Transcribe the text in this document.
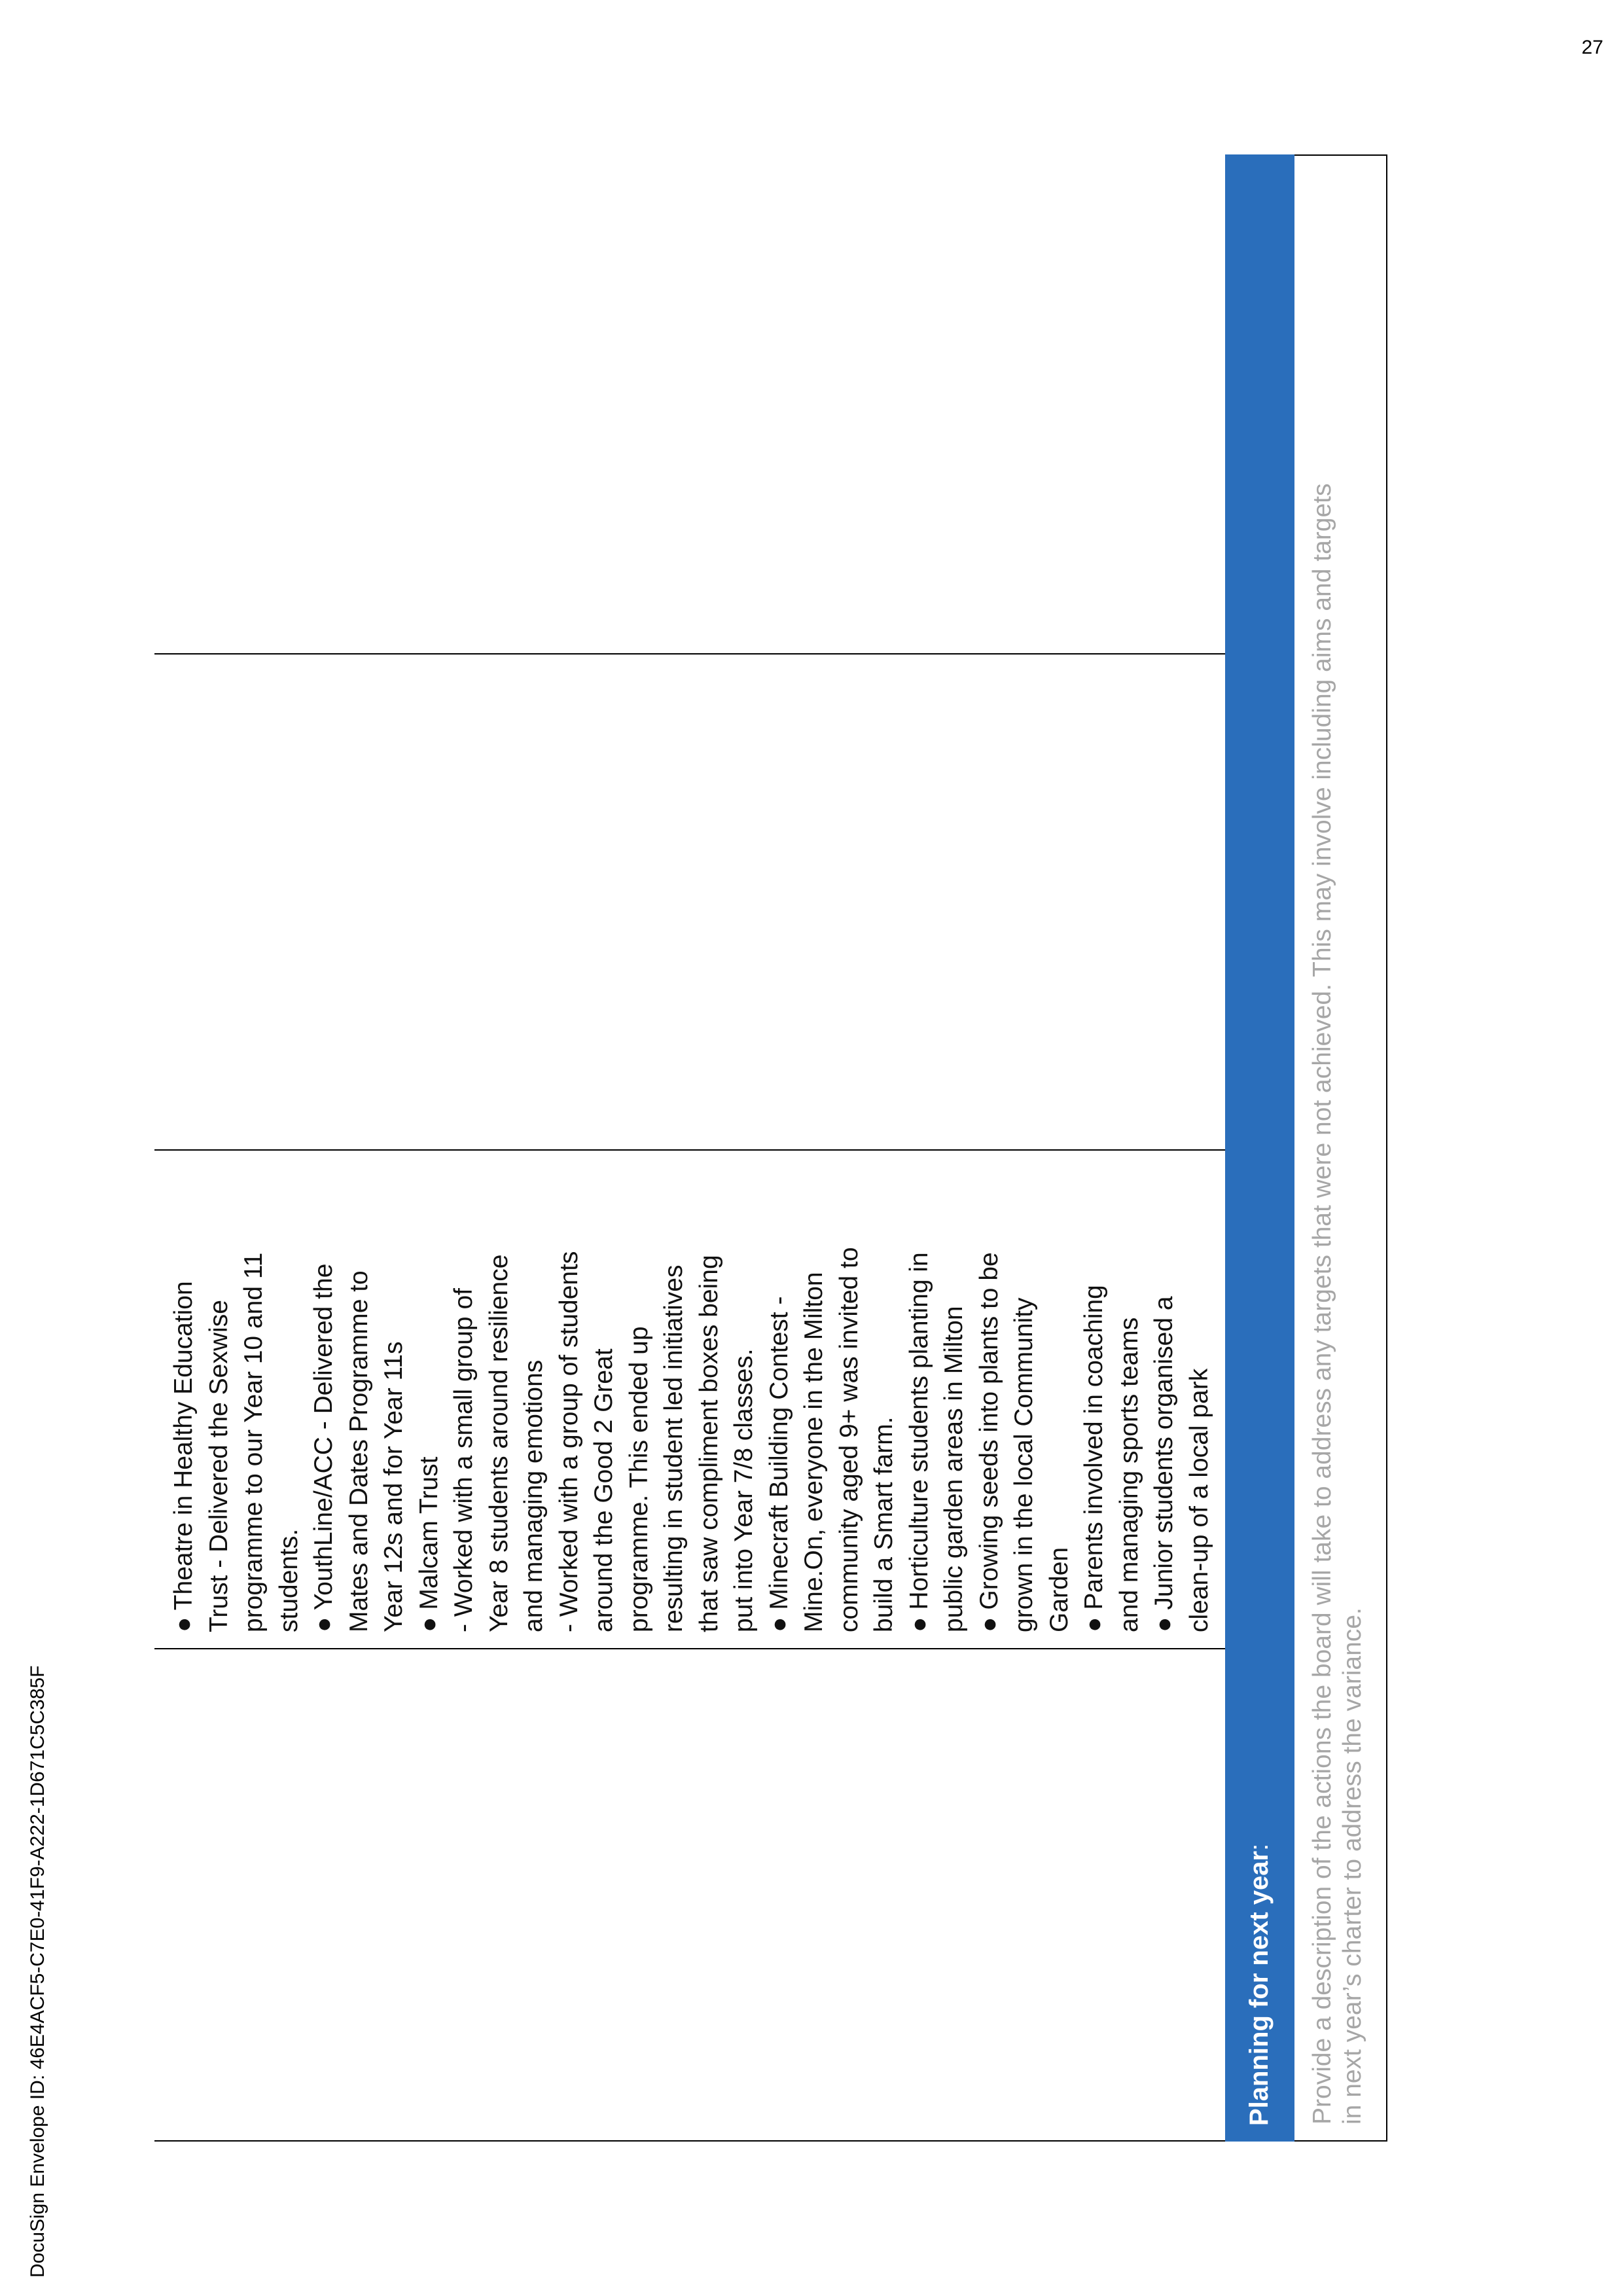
DocuSign Envelope ID: 46E4ACF5-C7E0-41F9-A222-1D671C5C385F
27
● Theatre in Healthy Education Trust - Delivered the Sexwise programme to our Year 10 and 11 students. ● YouthLine/ACC - Delivered the Mates and Dates Programme to Year 12s and for Year 11s ● Malcam Trust - Worked with a small group of Year 8 students around resilience and managing emotions - Worked with a group of students around the Good 2 Great programme. This ended up resulting in student led initiatives that saw compliment boxes being put into Year 7/8 classes. ● Minecraft Building Contest - Mine.On, everyone in the Milton community aged 9+ was invited to build a Smart farm. ● Horticulture students planting in public garden areas in Milton ● Growing seeds into plants to be grown in the local Community Garden ● Parents involved in coaching and managing sports teams ● Junior students organised a clean-up of a local park
Planning for next year:	Provide a description of the actions the board will take to address any targets that were not achieved. This may involve including aims and targets in next year’s charter to address the variance.
